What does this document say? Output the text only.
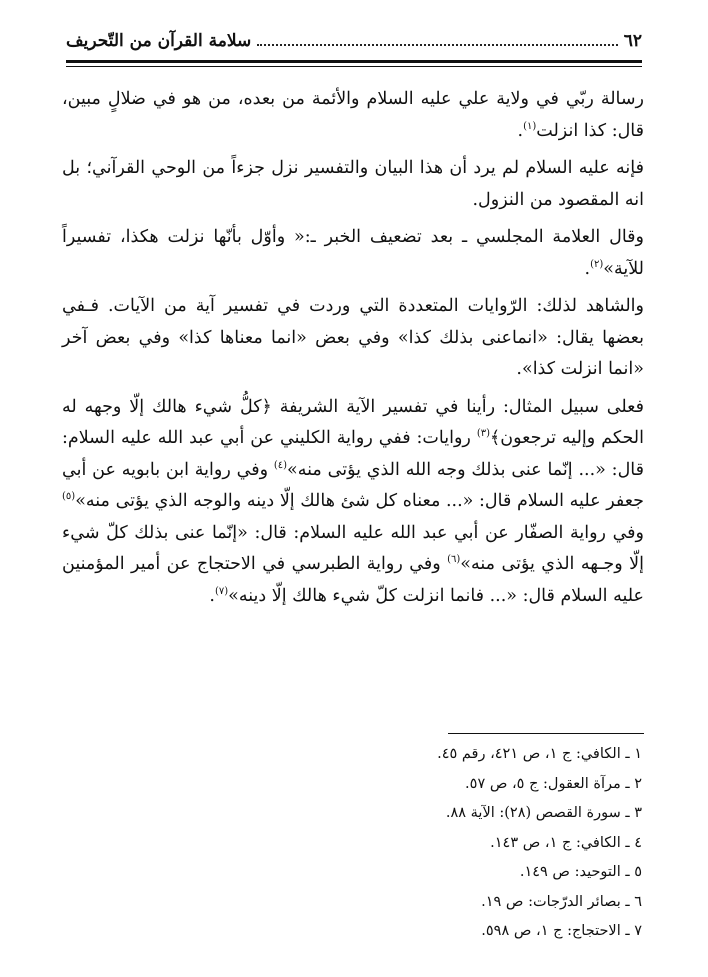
٦٢
سلامة القرآن من التّحريف

رسالة ربّي في ولاية علي عليه السلام والأئمة من بعده، من هو في ضلالٍ مبين، قال: كذا انزلت$^{(١)}$.

فإنه عليه السلام لم يرد أن هذا البيان والتفسير نزل جزءاً من الوحي القرآني؛ بل انه المقصود من النزول.

وقال العلامة المجلسي ـ بعد تضعيف الخبر ـ:« وأوّل بأنّها نزلت هكذا، تفسيراً للآية»$^{(٢)}$.

والشاهد لذلك: الرّوايات المتعددة التي وردت في تفسير آية من الآيات. فـفي بعضها يقال: «انماعنى بذلك كذا» وفي بعض «انما معناها كذا» وفي بعض آخر «انما انزلت كذا».

فعلى سبيل المثال: رأينا في تفسير الآية الشريفة ﴿كلُّ شيء هالك إلّا وجهه له الحكم وإليه ترجعون﴾$^{(٣)}$ روايات: ففي رواية الكليني عن أبي عبد الله عليه السلام: قال: «... إنّما عنى بذلك وجه الله الذي يؤتى منه»$^{(٤)}$ وفي رواية ابن بابويه عن أبي جعفر عليه السلام قال: «... معناه كل شئ هالك إلّا دينه والوجه الذي يؤتى منه»$^{(٥)}$ وفي رواية الصفّار عن أبي عبد الله عليه السلام: قال: «إنّما عنى بذلك كلّ شيء إلّا وجـهه الذي يؤتى منه»$^{(٦)}$ وفي رواية الطبرسي في الاحتجاج عن أمير المؤمنين عليه السلام قال: «... فانما انزلت كلّ شيء هالك إلّا دينه»$^{(٧)}$.

١ ـ الكافي: ج ١، ص ٤٢١، رقم ٤٥.
٢ ـ مرآة العقول: ج ٥، ص ٥٧.
٣ ـ سورة القصص (٢٨): الآية ٨٨.
٤ ـ الكافي: ج ١، ص ١٤٣.
٥ ـ التوحيد: ص ١٤٩.
٦ ـ بصائر الدرّجات: ص ١٩.
٧ ـ الاحتجاج: ج ١، ص ٥٩٨.
